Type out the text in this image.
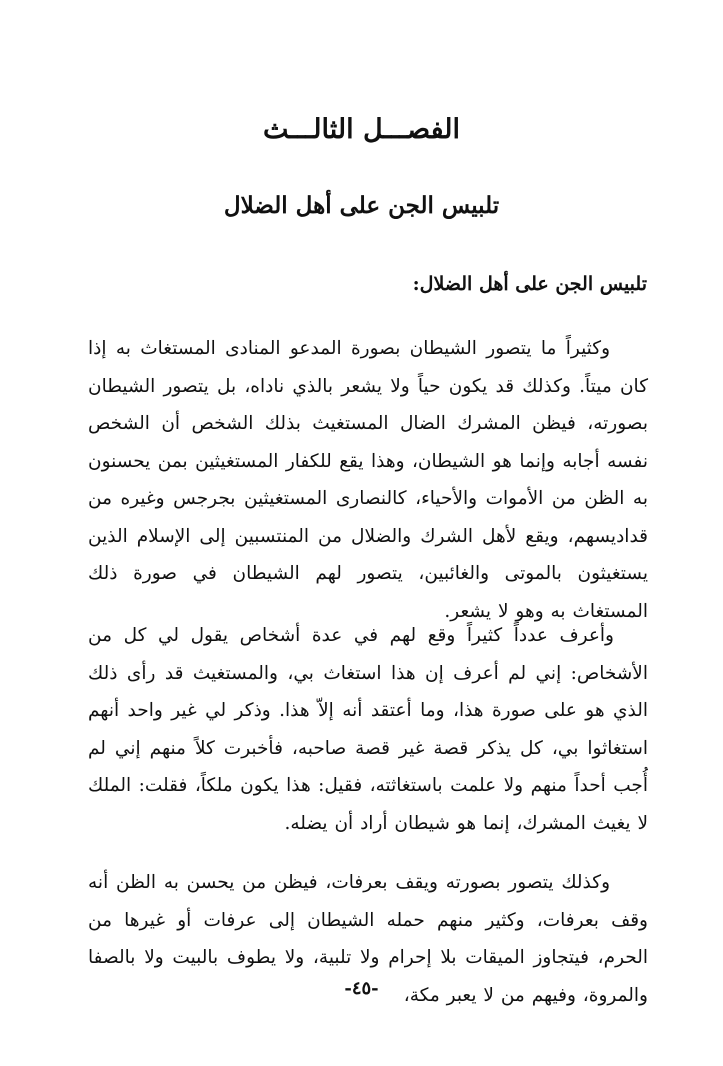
الفصـــل الثالـــث
تلبيس الجن على أهل الضلال
تلبيس الجن على أهل الضلال:

وكثيراً ما يتصور الشيطان بصورة المدعو المنادى المستغاث به إذا كان ميتاً. وكذلك قد يكون حياً ولا يشعر بالذي ناداه، بل يتصور الشيطان بصورته، فيظن المشرك الضال المستغيث بذلك الشخص أن الشخص نفسه أجابه وإنما هو الشيطان، وهذا يقع للكفار المستغيثين بمن يحسنون به الظن من الأموات والأحياء، كالنصارى المستغيثين بجرجس وغيره من قداديسهم، ويقع لأهل الشرك والضلال من المنتسبين إلى الإسلام الذين يستغيثون بالموتى والغائبين، يتصور لهم الشيطان في صورة ذلك المستغاث به وهو لا يشعر.

وأعرف عدداً كثيراً وقع لهم في عدة أشخاص يقول لي كل من الأشخاص: إني لم أعرف إن هذا استغاث بي، والمستغيث قد رأى ذلك الذي هو على صورة هذا، وما أعتقد أنه إلاّ هذا. وذكر لي غير واحد أنهم استغاثوا بي، كل يذكر قصة غير قصة صاحبه، فأخبرت كلاً منهم إني لم أُجب أحداً منهم ولا علمت باستغاثته، فقيل: هذا يكون ملكاً، فقلت: الملك لا يغيث المشرك، إنما هو شيطان أراد أن يضله.

وكذلك يتصور بصورته ويقف بعرفات، فيظن من يحسن به الظن أنه وقف بعرفات، وكثير منهم حمله الشيطان إلى عرفات أو غيرها من الحرم، فيتجاوز الميقات بلا إحرام ولا تلبية، ولا يطوف بالبيت ولا بالصفا والمروة، وفيهم من لا يعبر مكة،

-٤٥-
